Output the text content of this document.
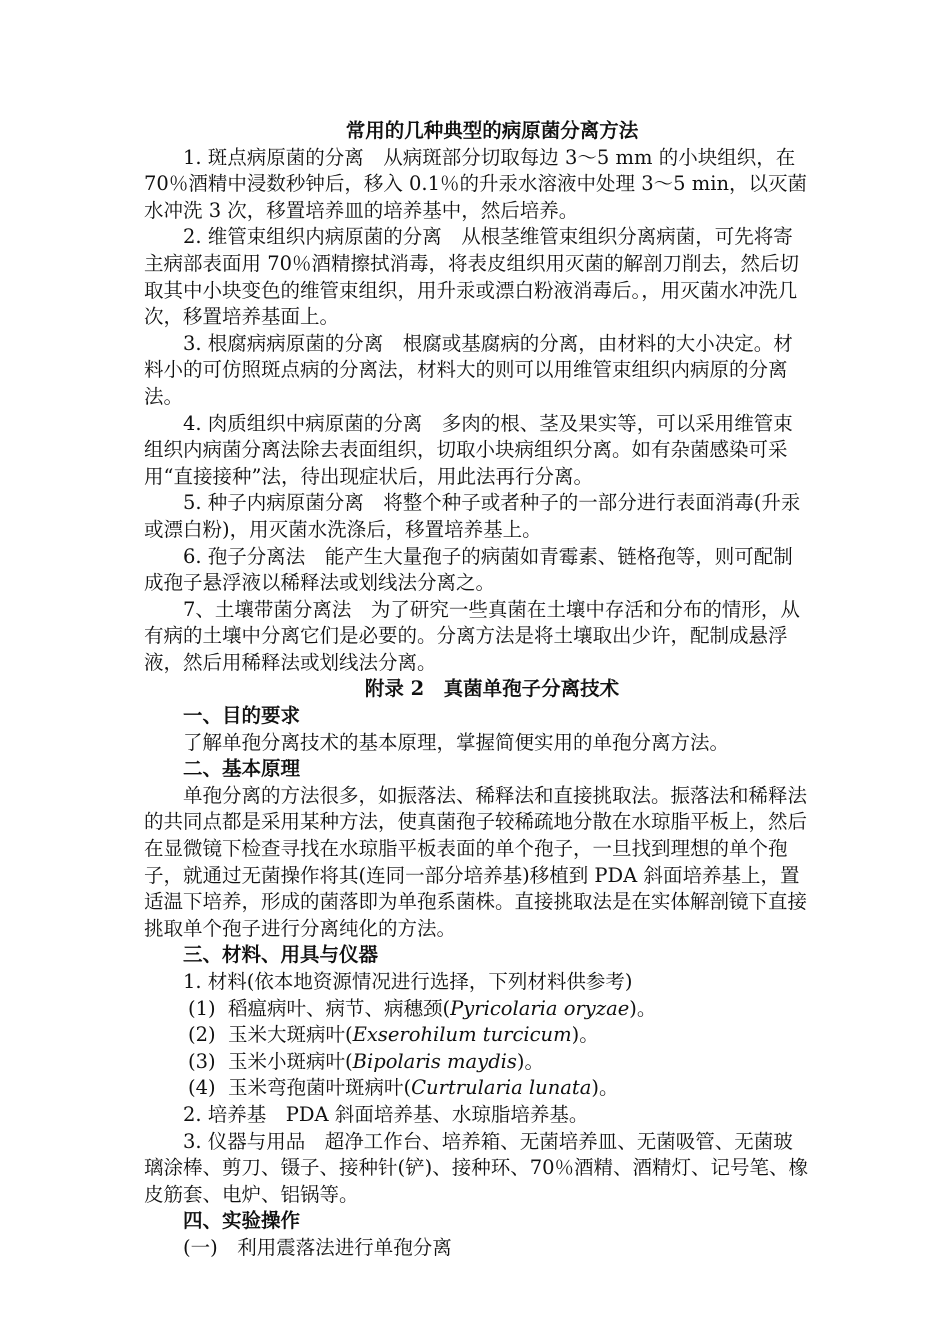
常用的几种典型的病原菌分离方法

1. 斑点病原菌的分离　从病斑部分切取每边 3～5 mm 的小块组织，在 70％酒精中浸数秒钟后，移入 0.1％的升汞水溶液中处理 3～5 min，以灭菌水冲洗 3 次，移置培养皿的培养基中，然后培养。

2. 维管束组织内病原菌的分离　从根茎维管束组织分离病菌，可先将寄主病部表面用 70％酒精擦拭消毒，将表皮组织用灭菌的解剖刀削去，然后切取其中小块变色的维管束组织，用升汞或漂白粉液消毒后。，用灭菌水冲洗几次，移置培养基面上。

3. 根腐病病原菌的分离　根腐或基腐病的分离，由材料的大小决定。材料小的可仿照斑点病的分离法，材料大的则可以用维管束组织内病原的分离法。

4. 肉质组织中病原菌的分离　多肉的根、茎及果实等，可以采用维管束组织内病菌分离法除去表面组织，切取小块病组织分离。如有杂菌感染可采用“直接接种”法，待出现症状后，用此法再行分离。

5. 种子内病原菌分离　将整个种子或者种子的一部分进行表面消毒(升汞或漂白粉)，用灭菌水洗涤后，移置培养基上。

6. 孢子分离法　能产生大量孢子的病菌如青霉素、链格孢等，则可配制成孢子悬浮液以稀释法或划线法分离之。

7、土壤带菌分离法　为了研究一些真菌在土壤中存活和分布的情形，从有病的土壤中分离它们是必要的。分离方法是将土壤取出少许，配制成悬浮液，然后用稀释法或划线法分离。

附录 2　真菌单孢子分离技术

一、目的要求

了解单孢分离技术的基本原理，掌握简便实用的单孢分离方法。

二、基本原理

单孢分离的方法很多，如振落法、稀释法和直接挑取法。振落法和稀释法的共同点都是采用某种方法，使真菌孢子较稀疏地分散在水琼脂平板上，然后在显微镜下检查寻找在水琼脂平板表面的单个孢子，一旦找到理想的单个孢子，就通过无菌操作将其(连同一部分培养基)移植到 PDA 斜面培养基上，置适温下培养，形成的菌落即为单孢系菌株。直接挑取法是在实体解剖镜下直接挑取单个孢子进行分离纯化的方法。

三、材料、用具与仪器

1. 材料(依本地资源情况进行选择，下列材料供参考)

(1) 稻瘟病叶、病节、病穗颈(Pyricolaria oryzae)。

(2) 玉米大斑病叶(Exserohilum turcicum)。

(3) 玉米小斑病叶(Bipolaris maydis)。

(4) 玉米弯孢菌叶斑病叶(Curtrularia lunata)。

2. 培养基　PDA 斜面培养基、水琼脂培养基。

3. 仪器与用品　超净工作台、培养箱、无菌培养皿、无菌吸管、无菌玻璃涂棒、剪刀、镊子、接种针(铲)、接种环、70％酒精、酒精灯、记号笔、橡皮筋套、电炉、铝锅等。

四、实验操作

(一)　利用震落法进行单孢分离
